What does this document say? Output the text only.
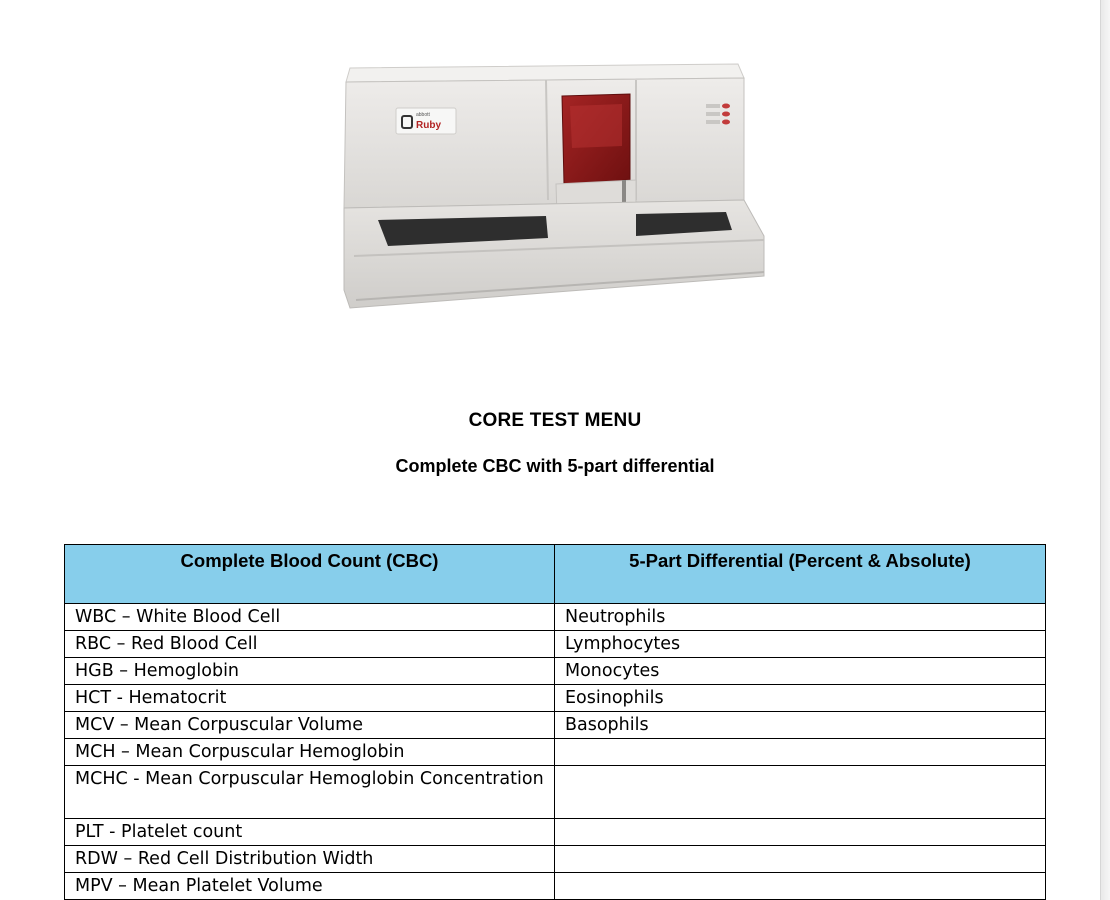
abbott
Ruby
CORE TEST MENU
Complete CBC with 5-part differential
Complete Blood Count (CBC)	5-Part Differential (Percent & Absolute)
WBC – White Blood Cell	Neutrophils
RBC – Red Blood Cell	Lymphocytes
HGB – Hemoglobin	Monocytes
HCT - Hematocrit	Eosinophils
MCV – Mean Corpuscular Volume	Basophils
MCH – Mean Corpuscular Hemoglobin	
MCHC - Mean Corpuscular Hemoglobin Concentration	
PLT - Platelet count	
RDW – Red Cell Distribution Width	
MPV – Mean Platelet Volume	
